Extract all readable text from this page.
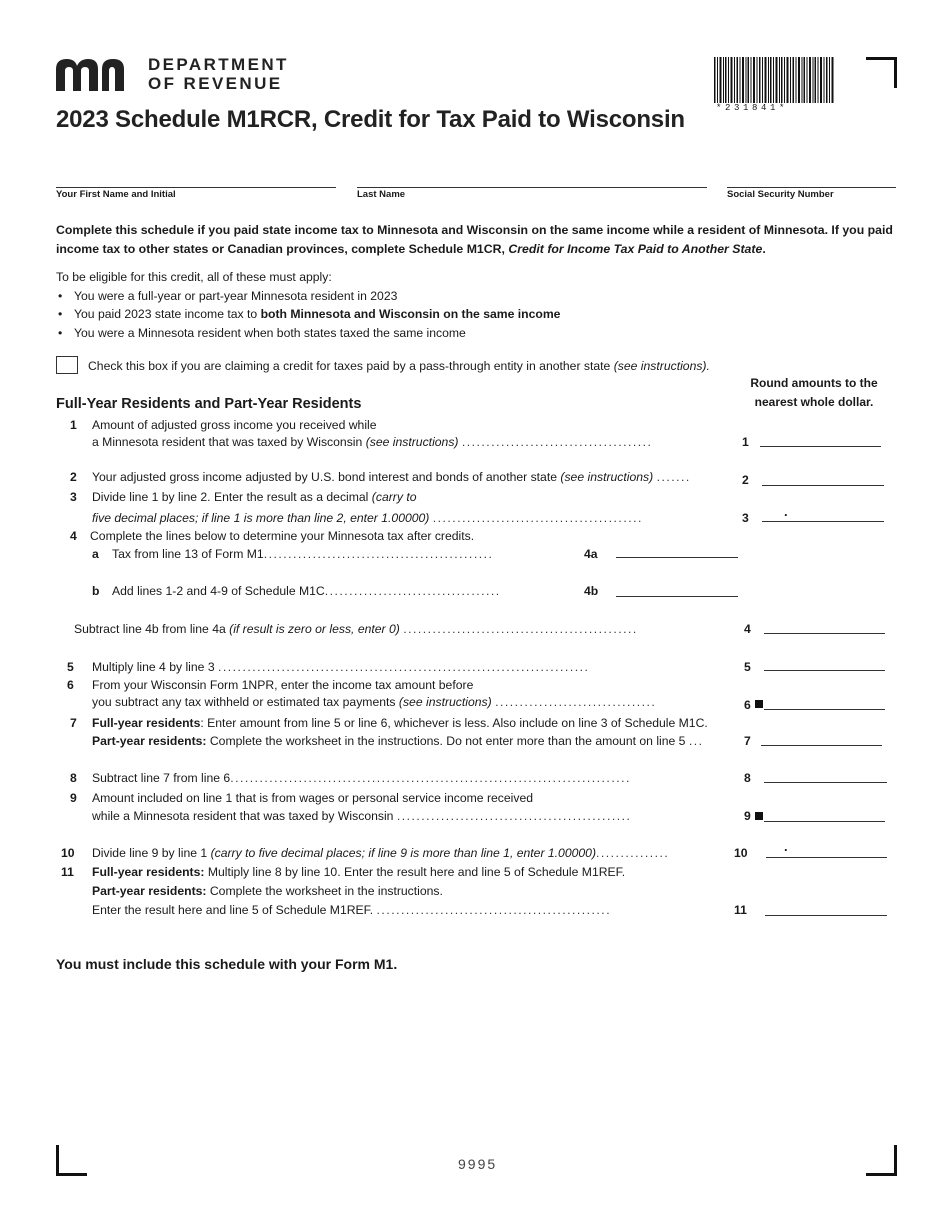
DEPARTMENT
OF REVENUE
2023 Schedule M1RCR, Credit for Tax Paid to Wisconsin	*231841*
Your First Name and Initial	Last Name	Social Security Number
Complete this schedule if you paid state income tax to Minnesota and Wisconsin on the same income while a resident of Minnesota. If you paid income tax to other states or Canadian provinces, complete Schedule M1CR, Credit for Income Tax Paid to Another State.
To be eligible for this credit, all of these must apply:
• You were a full-year or part-year Minnesota resident in 2023
• You paid 2023 state income tax to both Minnesota and Wisconsin on the same income
• You were a Minnesota resident when both states taxed the same income
Check this box if you are claiming a credit for taxes paid by a pass-through entity in another state (see instructions).
Round amounts to the
nearest whole dollar.
Full-Year Residents and Part-Year Residents
1 Amount of adjusted gross income you received while
a Minnesota resident that was taxed by Wisconsin (see instructions) .......................................	1
2 Your adjusted gross income adjusted by U.S. bond interest and bonds of another state (see instructions) .......	2
3 Divide line 1 by line 2. Enter the result as a decimal (carry to
five decimal places; if line 1 is more than line 2, enter 1.00000) ...........................................	3	.
4 Complete the lines below to determine your Minnesota tax after credits.
a Tax from line 13 of Form M1...............................................	4a
b Add lines 1-2 and 4-9 of Schedule M1C....................................	4b
Subtract line 4b from line 4a (if result is zero or less, enter 0) ................................................	4
5 Multiply line 4 by line 3 ............................................................................	5
6 From your Wisconsin Form 1NPR, enter the income tax amount before
you subtract any tax withheld or estimated tax payments (see instructions) .................................	6
7 Full-year residents: Enter amount from line 5 or line 6, whichever is less. Also include on line 3 of Schedule M1C.
Part-year residents: Complete the worksheet in the instructions. Do not enter more than the amount on line 5 ...	7
8 Subtract line 7 from line 6..................................................................................	8
9 Amount included on line 1 that is from wages or personal service income received
while a Minnesota resident that was taxed by Wisconsin ................................................	9
10 Divide line 9 by line 1 (carry to five decimal places; if line 9 is more than line 1, enter 1.00000)...............	10	.
11 Full-year residents: Multiply line 8 by line 10. Enter the result here and line 5 of Schedule M1REF.
Part-year residents: Complete the worksheet in the instructions.
Enter the result here and line 5 of Schedule M1REF. ................................................	11
You must include this schedule with your Form M1.
9995
